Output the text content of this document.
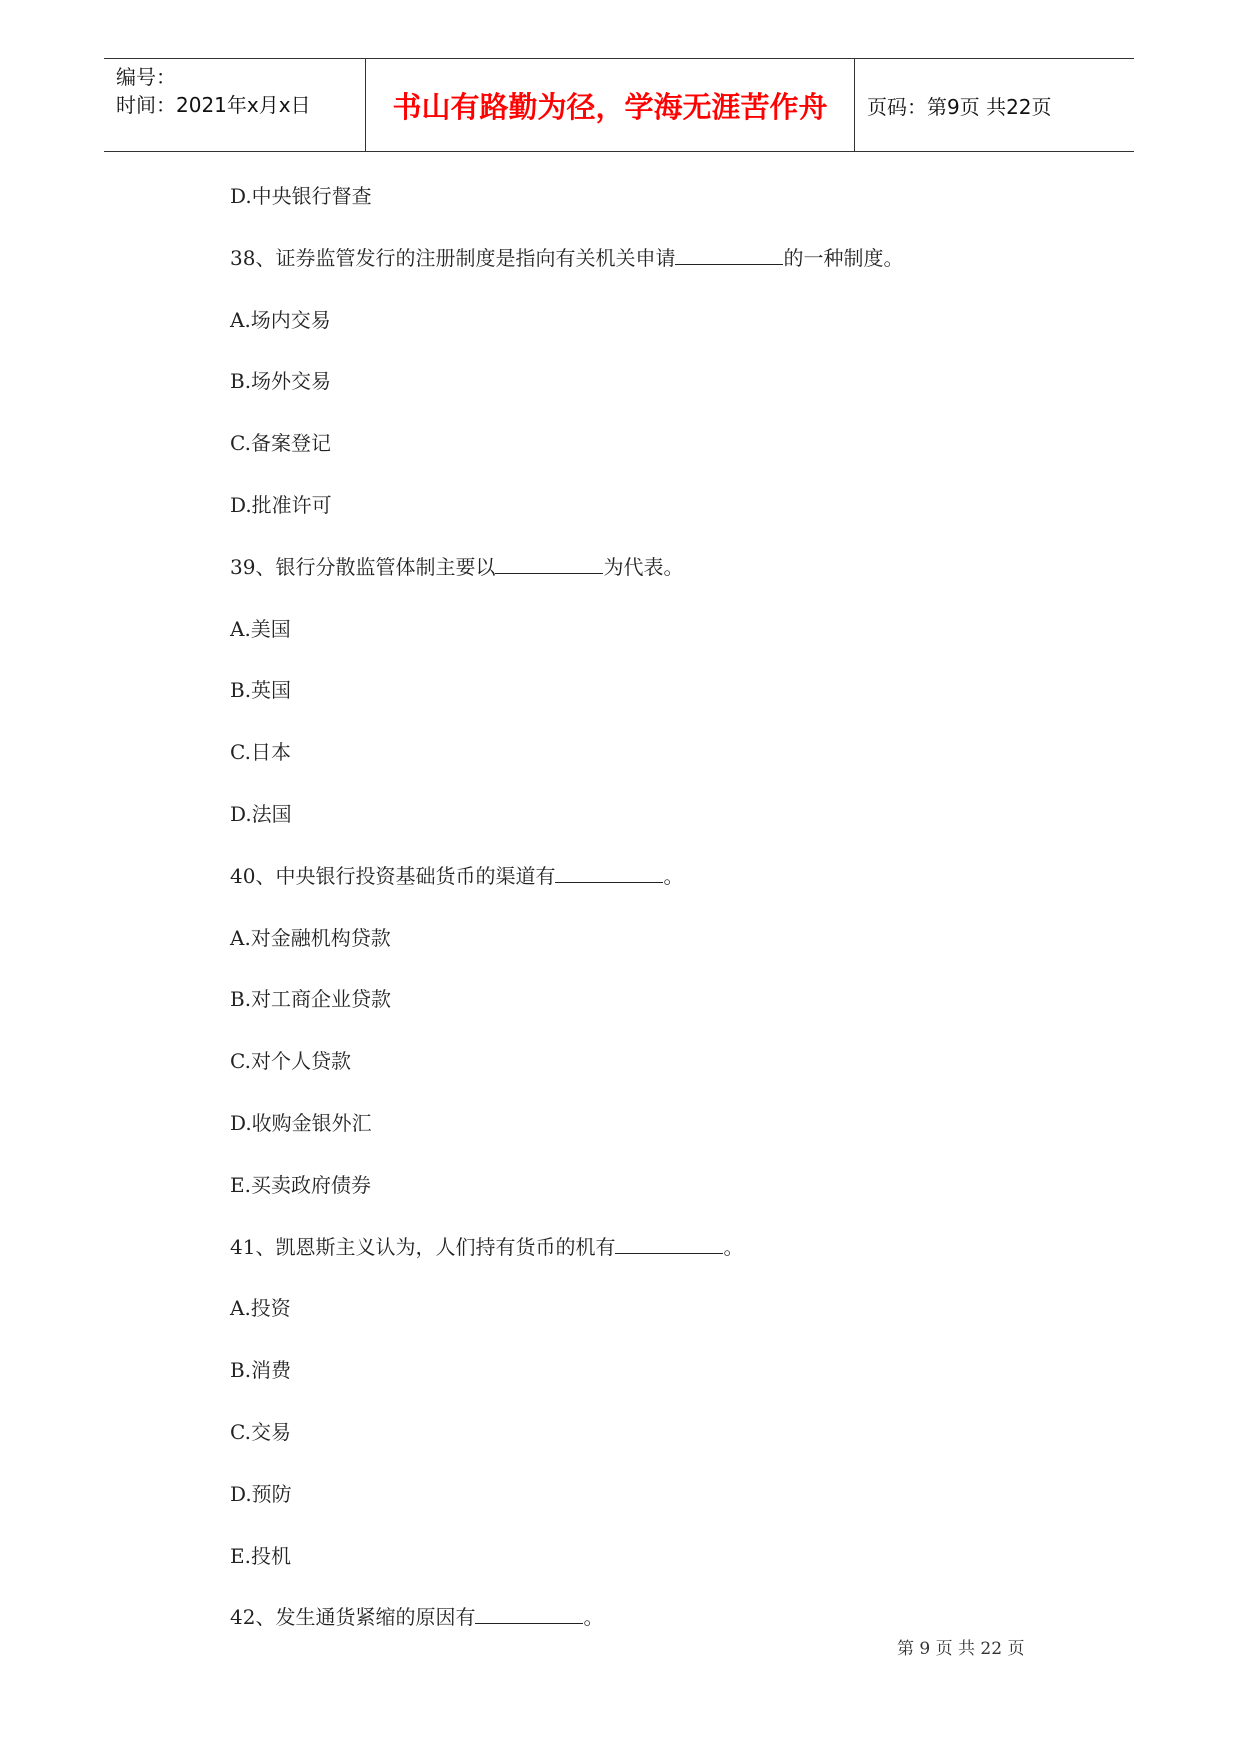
编号：
时间：2021年x月x日	书山有路勤为径，学海无涯苦作舟 页码：第9页 共22页
D.中央银行督查
38、证券监管发行的注册制度是指向有关机关申请	的一种制度。
A.场内交易
B.场外交易
C.备案登记
D.批准许可
39、银行分散监管体制主要以	为代表。
A.美国
B.英国
C.日本
D.法国
40、中央银行投资基础货币的渠道有	。
A.对金融机构贷款
B.对工商企业贷款
C.对个人贷款
D.收购金银外汇
E.买卖政府债券
41、凯恩斯主义认为，人们持有货币的机有	。
A.投资
B.消费
C.交易
D.预防
E.投机
42、发生通货紧缩的原因有	。
第 9 页 共 22 页
